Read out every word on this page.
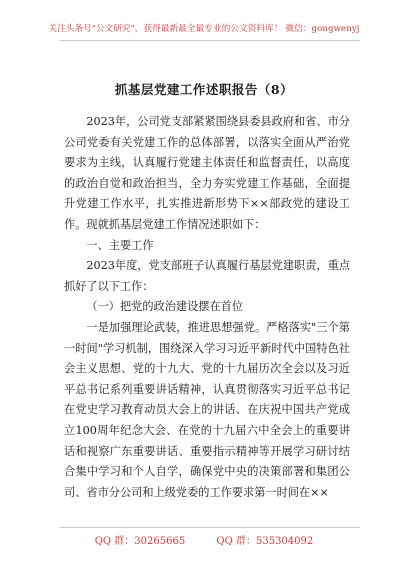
关注头条号"公文研究"，获得最新最全最专业的公文资料库！ 微信：gongwenyj
抓基层党建工作述职报告（8）

2023年，公司党支部紧紧围绕县委县政府和省、市分公司党委有关党建工作的总体部署，以落实全面从严治党要求为主线，认真履行党建主体责任和监督责任，以高度的政治自觉和政治担当，全力夯实党建工作基础，全面提升党建工作水平，扎实推进新形势下××部政党的建设工作。现就抓基层党建工作情况述职如下：

一、主要工作

2023年度，党支部班子认真履行基层党建职责，重点抓好了以下工作：

（一）把党的政治建设摆在首位

一是加强理论武装，推进思想强党。严格落实"三个第一时间"学习机制，围绕深入学习习近平新时代中国特色社会主义思想、党的十九大、党的十九届历次全会以及习近平总书记系列重要讲话精神，认真贯彻落实习近平总书记在党史学习教育动员大会上的讲话、在庆祝中国共产党成立100周年纪念大会、在党的十九届六中全会上的重要讲话和视察广东重要讲话、重要指示精神等开展学习研讨结合集中学习和个人自学，确保党中央的决策部署和集团公司、省市分公司和上级党委的工作要求第一时间在××

QQ 群：30265665	QQ 群：535304092
